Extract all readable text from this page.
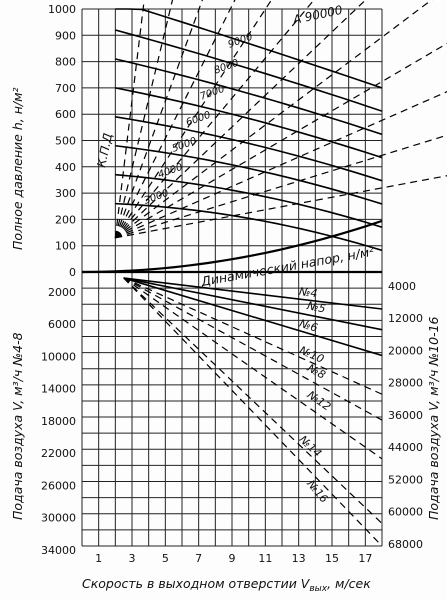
1000
900
800
700
600
500
400
300
200
100
0
2000
6000
10000
14000
18000
22000
26000
30000
34000
4000
12000
20000
28000
36000
44000
52000
60000
68000
1 3 5 7 9 11 13 15 17
3000
4000
5000
6000
7000
8000
9000
№4
№5
№6
№8
№10
№12
№14
№16
Скорость в выходном отверстии $V_{вых}$, м/сек
Полное давление h, н/м²
Подача воздуха V, м³/ч №4-8	Подача воздуха V, м³/ч №10-16
Динамический напор, н/м²
К.П.Д
А 90000
